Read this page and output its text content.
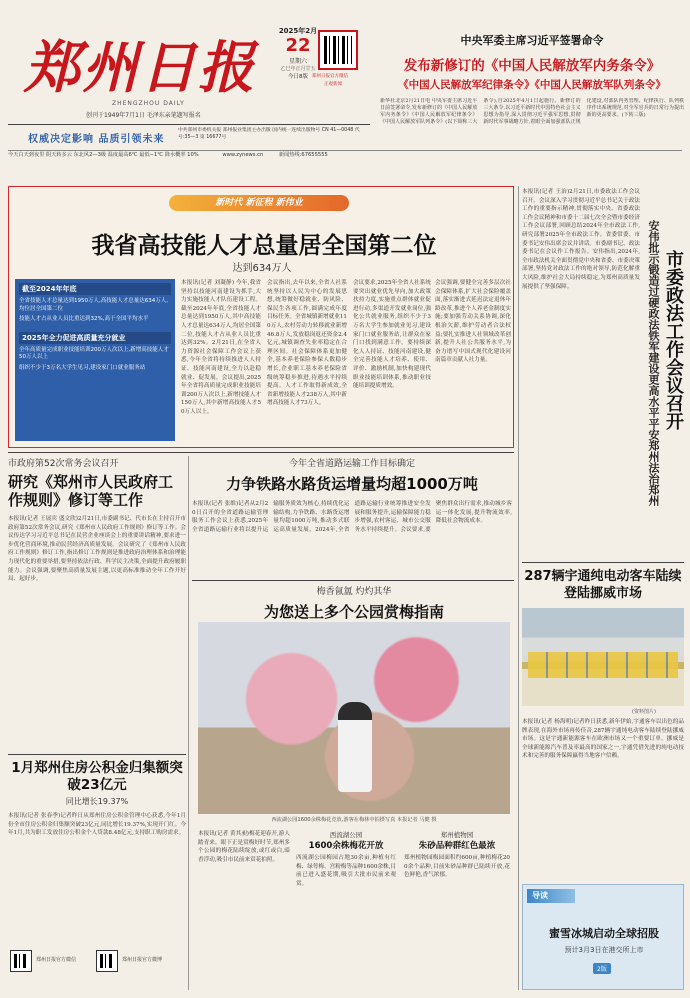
郑州日报
ZHENGZHOU DAILY
创刊于1949年7月1日 毛泽东亲笔题写报名
2025年2月
22
星期六
乙巳年正月廿五
今日8版 郑州日报官方微信
正观新闻
权威决定影响 品质引领未来
中共郑州市委机关报 郑州报业集团主办出版 国内统一连续出版物号 CN 41—0048 代号:35—3 第 16677号
今天白天到夜里 阴天转多云 东北风2—3级 温度最高6℃ 最低−1℃ 降水概率 10%	www.zynews.cn	新闻热线:67655555
中央军委主席习近平签署命令
发布新修订的《中国人民解放军内务条令》
《中国人民解放军纪律条令》《中国人民解放军队列条令》
新华社北京2月21日电 中央军委主席习近平日前签署命令,发布新修订的《中国人民解放军内务条令》《中国人民解放军纪律条令》《中国人民解放军队列条令》(以下简称三大条令),自2025年4月1日起施行。新修订的三大条令,以习近平新时代中国特色社会主义思想为指导,深入贯彻习近平强军思想,贯彻新时代军事战略方针,着眼全面加强部队正规化建设,对部队内务管理、纪律执行、队列秩序作出系统规范,对全军官兵的日常行为提出新的更高要求。(下转三版)
新时代 新征程 新伟业
我省高技能人才总量居全国第二位
达到634万人
截至2024年年底
全省技能人才总量达到1950万人,高技能人才总量达634万人,均位居全国第二位
技能人才占从业人员比重达到32%,高于全国平均水平
2025年全力促进高质量充分就业
全年高质量完成职业技能培训200万人次以上,新增高技能人才50万人以上
组织不少于3万名大学生见习,建设家门口就业服务站
本报讯(记者 刘凝静) 今年,我省坚持以技能河南建设为抓手,大力实施技能人才队伍建设工程。截至2024年年底,全省技能人才总量达到1950万人,其中高技能人才总量达634万人,均居全国第二位,技能人才占从业人员比重达到32%。2月21日,在全省人力资源社会保障工作会议上获悉,今年全省将持续推进人人持证、技能河南建设,全力以赴稳就业、促发展。会议提出,2025年全省将高质量完成职业技能培训200万人次以上,新增技能人才150万人,其中新增高技能人才50万人以上。
会议指出,去年以来,全省人社系统坚持以人民为中心的发展思想,统筹做好稳就业、防风险、保民生各项工作,圆满完成年度目标任务。全省城镇新增就业110万人,农村劳动力转移就业新增46.8万人,发放稳岗返还资金2.4亿元,城镇调查失业率稳定在合理区间。社会保障体系更加健全,基本养老保险参保人数稳步增长,企业职工基本养老保险省级统筹稳步推进,待遇水平持续提高。人才工作取得新成效,全省新增技能人才238万人,其中新增高技能人才73万人。
会议要求,2025年全省人社系统要突出就业优先导向,加大政策扶持力度,实施重点群体就业促进行动,多渠道开发就业岗位,强化公共就业服务,组织不少于3万名大学生参加就业见习,建设家门口就业服务站,让群众在家门口找到满意工作。要持续深化人人持证、技能河南建设,健全完善技能人才培养、使用、评价、激励机制,加快构建现代职业技能培训体系,推动职业技能培训提质增效。
会议强调,要健全完善多层次社会保障体系,扩大社会保险覆盖面,落实渐进式延迟法定退休年龄改革,推进个人养老金制度实施;要加强劳动关系协调,深化根治欠薪,维护劳动者合法权益;要扎实推进人社领域改革创新,提升人社公共服务水平,为奋力谱写中国式现代化建设河南篇章贡献人社力量。
本报讯(记者 王治)2月21日,市委政法工作会议召开。会议深入学习贯彻习近平总书记关于政法工作的重要指示精神,贯彻落实中央、省委政法工作会议精神和市委十二届七次全会暨市委经济工作会议部署,回顾总结2024年全市政法工作,研究部署2025年全市政法工作。省委常委、市委书记安伟出席会议并讲话。市委副书记、政法委书记在会议作工作报告。安伟指出,2024年,全市政法机关全面贯彻党中央和省委、市委决策部署,坚持党对政法工作的绝对领导,防范化解重大风险,维护社会大局持续稳定,为郑州高质量发展提供了坚强保障。	安伟批示锻造过硬政法铁军建设更高水平平安郑州法治郑州 市委政法工作会议召开
市政府第52次常务会议召开
研究《郑州市人民政府工作规则》修订等工作
本报讯(记者 王展宾 盛文欣)2月21日,市委副书记、代市长在主持召开市政府第52次常务会议,研究《郑州市人民政府工作规则》修订等工作。会议传达学习习近平总书记在民营企业座谈会上的重要讲话精神,要求进一步优化营商环境,推动民营经济高质量发展。会议研究了《郑州市人民政府工作规则》修订工作,指出修订工作规则是推进政府治理体系和治理能力现代化的重要举措,要坚持依法行政、科学民主决策,全面提升政府履职能力。会议强调,要聚焦高质量发展主题,以更高标准推动全年工作开好局、起好步。
今年全省道路运输工作目标确定
力争铁路水路货运增量均超1000万吨
本报讯(记者 张维)记者从2月20日召开的全省道路运输管理服务工作会议上获悉,2025年全省道路运输行业将以提升运输服务质效为核心,持续优化运输结构,力争铁路、水路货运增量均超1000万吨,推动多式联运高质量发展。2024年,全省道路运输行业统筹推进安全发展和服务提升,运输保障能力稳步增强,农村客运、城市公交服务水平持续提升。会议要求,要聚焦群众出行需求,推动城乡客运一体化发展,提升物流效率,降低社会物流成本。
287辆宇通纯电动客车陆续登陆挪威市场
(资料图片)
本报讯(记者 杨海明)记者昨日获悉,新年伊始,宇通客车以出色的品牌表现,在海外市场再传佳音,287辆宇通纯电动客车陆续登陆挪威市场。这是宇通新能源客车在欧洲市场又一个重要订单。挪威是全球新能源汽车普及率最高的国家之一,宇通凭借先进的纯电动技术和完善的服务保障赢得当地客户信赖。
梅香氤氲 灼灼其华
为您送上多个公园赏梅指南
西流湖公园1600余株梅花竞放,游客在梅林中拍摄写真 本报记者 马健 摄
本报讯(记者 黄其昶)梅花迎春开,游人踏青来。眼下正是赏梅好时节,郑州多个公园的梅花陆续绽放,或红或白,暗香浮动,吸引市民前来赏花拍照。
西流湖公园
1600余株梅花开放
西流湖公园梅园占地30余亩,种植有红梅、绿萼梅、宫粉梅等品种1600余株,目前已进入盛花期,吸引大批市民前来观赏。
郑州植物园
朱砂品种群红色最浓
郑州植物园梅园面积约600亩,种植梅花200余个品种,目前朱砂品种群已陆续开放,花色鲜艳,香气浓郁。
1月郑州住房公积金归集额突破23亿元
同比增长19.37%
本报讯(记者 张春季)记者昨日从郑州住房公积金管理中心获悉,今年1月份全市住房公积金归集额突破23亿元,同比增长19.37%,实现开门红。今年1月,共为职工发放住房公积金个人贷款8.48亿元,支持职工购房需求。
郑州日报官方微信	郑州日报官方微博
导读
蜜雪冰城启动全球招股
预计3月3日在港交所上市
2版
